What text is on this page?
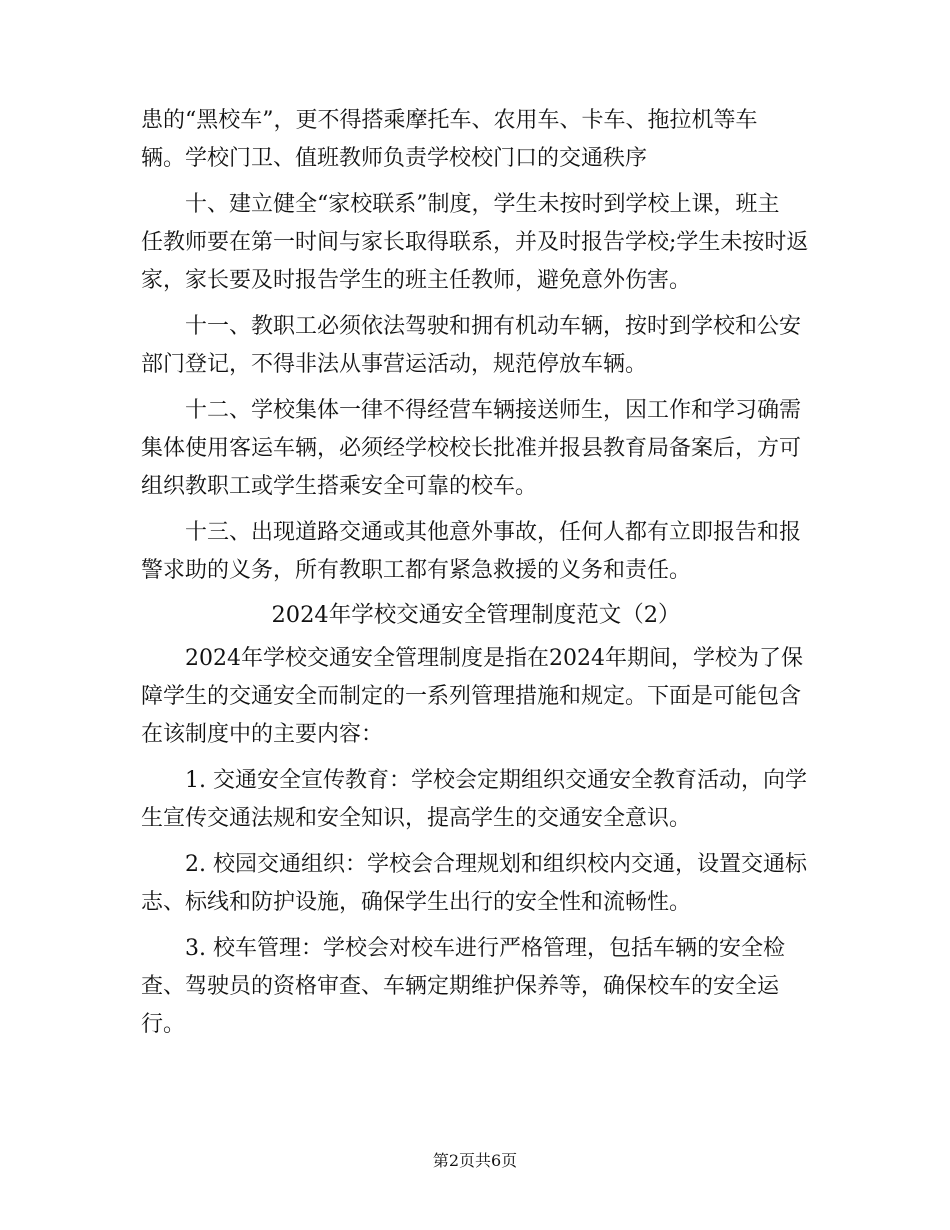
患的“黑校车”，更不得搭乘摩托车、农用车、卡车、拖拉机等车
辆。学校门卫、值班教师负责学校校门口的交通秩序
十、建立健全“家校联系”制度，学生未按时到学校上课，班主
任教师要在第一时间与家长取得联系，并及时报告学校;学生未按时返
家，家长要及时报告学生的班主任教师，避免意外伤害。
十一、教职工必须依法驾驶和拥有机动车辆，按时到学校和公安
部门登记，不得非法从事营运活动，规范停放车辆。
十二、学校集体一律不得经营车辆接送师生，因工作和学习确需
集体使用客运车辆，必须经学校校长批准并报县教育局备案后，方可
组织教职工或学生搭乘安全可靠的校车。
十三、出现道路交通或其他意外事故，任何人都有立即报告和报
警求助的义务，所有教职工都有紧急救援的义务和责任。
2024年学校交通安全管理制度范文（2）
2024年学校交通安全管理制度是指在2024年期间，学校为了保
障学生的交通安全而制定的一系列管理措施和规定。下面是可能包含
在该制度中的主要内容：
1. 交通安全宣传教育：学校会定期组织交通安全教育活动，向学
生宣传交通法规和安全知识，提高学生的交通安全意识。
2. 校园交通组织：学校会合理规划和组织校内交通，设置交通标
志、标线和防护设施，确保学生出行的安全性和流畅性。
3. 校车管理：学校会对校车进行严格管理，包括车辆的安全检
查、驾驶员的资格审查、车辆定期维护保养等，确保校车的安全运
行。
第2页共6页
